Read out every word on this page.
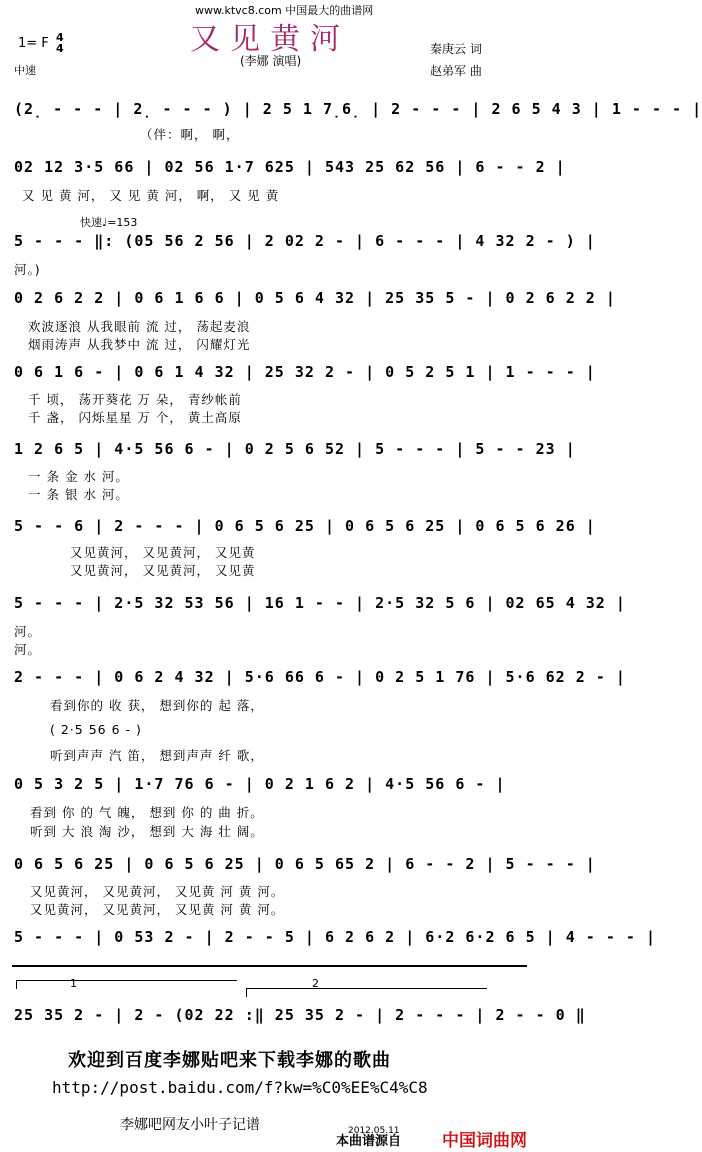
www.ktvc8.com 中国最大的曲谱网
又见黄河
(李娜 演唱)
1= F 4
4
中速
秦庚云 词
赵弟军 曲
(2̣ - - - | 2̣ - - - ) | 2 5 1 7̣6̣ | 2 - - - | 2 6 5 4 3 | 1 - - - |
（伴：啊， 啊，
02 12 3·5 66 | 02 56 1·7 625 | 543 25 62 56 | 6 - - 2 |
又 见 黄 河， 又 见 黄 河， 啊， 又 见 黄
快速♩=153
5 - - - ‖: (05 56 2 56 | 2 02 2 - | 6 - - - | 4 32 2 - ) |
河。)
0 2 6 2 2 | 0 6 1 6 6 | 0 5 6 4 32 | 25 35 5 - | 0 2 6 2 2 |
欢波逐浪 从我眼前 流 过， 荡起麦浪
烟雨涛声 从我梦中 流 过， 闪耀灯光
0 6 1 6 - | 0 6 1 4 32 | 25 32 2 - | 0 5 2 5 1 | 1 - - - |
千 顷， 荡开葵花 万 朵， 青纱帐前
千 盏， 闪烁星星 万 个， 黄土高原
1 2 6 5 | 4·5 56 6 - | 0 2 5 6 52 | 5 - - - | 5 - - 23 |
一 条 金 水 河。
一 条 银 水 河。
5 - - 6 | 2 - - - | 0 6 5 6 25 | 0 6 5 6 25 | 0 6 5 6 26 |
又见黄河， 又见黄河， 又见黄
又见黄河， 又见黄河， 又见黄
5 - - - | 2·5 32 53 56 | 16 1 - - | 2·5 32 5 6 | 02 65 4 32 |
河。
河。
2 - - - | 0 6 2 4 32 | 5·6 66 6 - | 0 2 5 1 76 | 5·6 62 2 - |
看到你的 收 获， 想到你的 起 落，
( 2·5 56 6 - )
听到声声 汽 笛， 想到声声 纤 歌，
0 5 3 2 5 | 1·7 76 6 - | 0 2 1 6 2 | 4·5 56 6 - |
看到 你 的 气 魄， 想到 你 的 曲 折。
听到 大 浪 淘 沙， 想到 大 海 壮 阔。
0 6 5 6 25 | 0 6 5 6 25 | 0 6 5 65 2 | 6 - - 2 | 5 - - - |
又见黄河， 又见黄河， 又见黄 河 黄 河。
又见黄河， 又见黄河， 又见黄 河 黄 河。
5 - - - | 0 53 2 - | 2 - - 5 | 6 2 6 2 | 6·2 6·2 6 5 | 4 - - - |
1	2
25 35 2 - | 2 - (02 22 :‖ 25 35 2 - | 2 - - - | 2 - - 0 ‖
欢迎到百度李娜贴吧来下载李娜的歌曲
http://post.baidu.com/f?kw=%C0%EE%C4%C8
李娜吧网友小叶子记谱	2012.05.11
本曲谱源自 中国词曲网
